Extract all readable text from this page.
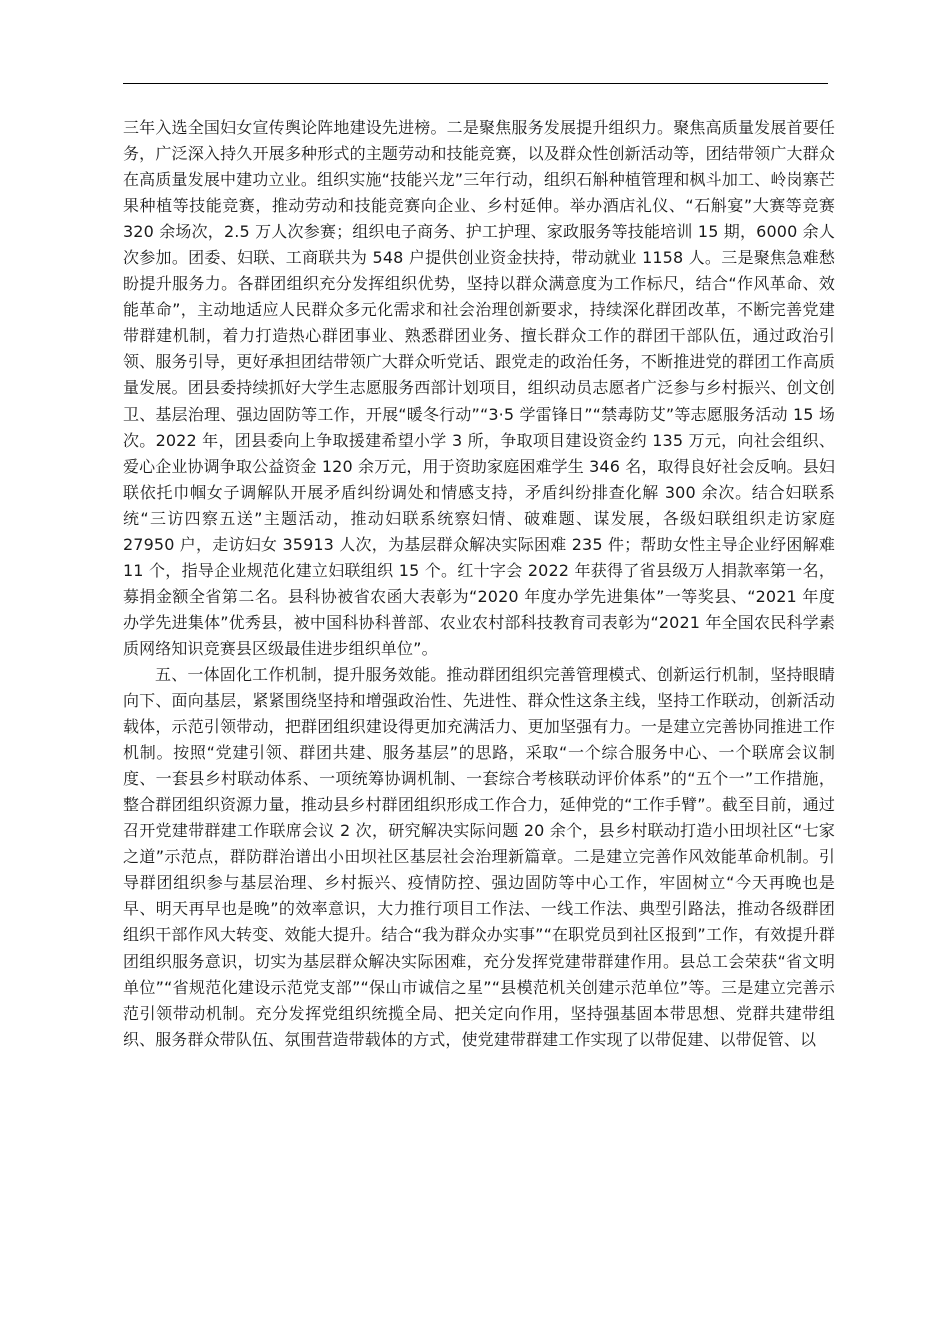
三年入选全国妇女宣传舆论阵地建设先进榜。二是聚焦服务发展提升组织力。聚焦高质量发展首要任务，广泛深入持久开展多种形式的主题劳动和技能竞赛，以及群众性创新活动等，团结带领广大群众在高质量发展中建功立业。组织实施“技能兴龙”三年行动，组织石斛种植管理和枫斗加工、岭岗寨芒果种植等技能竞赛，推动劳动和技能竞赛向企业、乡村延伸。举办酒店礼仪、“石斛宴”大赛等竞赛 320 余场次，2.5 万人次参赛；组织电子商务、护工护理、家政服务等技能培训 15 期，6000 余人次参加。团委、妇联、工商联共为 548 户提供创业资金扶持，带动就业 1158 人。三是聚焦急难愁盼提升服务力。各群团组织充分发挥组织优势，坚持以群众满意度为工作标尺，结合“作风革命、效能革命”，主动地适应人民群众多元化需求和社会治理创新要求，持续深化群团改革，不断完善党建带群建机制，着力打造热心群团事业、熟悉群团业务、擅长群众工作的群团干部队伍，通过政治引领、服务引导，更好承担团结带领广大群众听党话、跟党走的政治任务，不断推进党的群团工作高质量发展。团县委持续抓好大学生志愿服务西部计划项目，组织动员志愿者广泛参与乡村振兴、创文创卫、基层治理、强边固防等工作，开展“暖冬行动”“3·5 学雷锋日”“禁毒防艾”等志愿服务活动 15 场次。2022 年，团县委向上争取援建希望小学 3 所，争取项目建设资金约 135 万元，向社会组织、爱心企业协调争取公益资金 120 余万元，用于资助家庭困难学生 346 名，取得良好社会反响。县妇联依托巾帼女子调解队开展矛盾纠纷调处和情感支持，矛盾纠纷排查化解 300 余次。结合妇联系统“三访四察五送”主题活动，推动妇联系统察妇情、破难题、谋发展，各级妇联组织走访家庭 27950 户，走访妇女 35913 人次，为基层群众解决实际困难 235 件；帮助女性主导企业纾困解难 11 个，指导企业规范化建立妇联组织 15 个。红十字会 2022 年获得了省县级万人捐款率第一名，募捐金额全省第二名。县科协被省农函大表彰为“2020 年度办学先进集体”一等奖县、“2021 年度办学先进集体”优秀县，被中国科协科普部、农业农村部科技教育司表彰为“2021 年全国农民科学素质网络知识竞赛县区级最佳进步组织单位”。

五、一体固化工作机制，提升服务效能。推动群团组织完善管理模式、创新运行机制，坚持眼睛向下、面向基层，紧紧围绕坚持和增强政治性、先进性、群众性这条主线，坚持工作联动，创新活动载体，示范引领带动，把群团组织建设得更加充满活力、更加坚强有力。一是建立完善协同推进工作机制。按照“党建引领、群团共建、服务基层”的思路，采取“一个综合服务中心、一个联席会议制度、一套县乡村联动体系、一项统筹协调机制、一套综合考核联动评价体系”的“五个一”工作措施，整合群团组织资源力量，推动县乡村群团组织形成工作合力，延伸党的“工作手臂”。截至目前，通过召开党建带群建工作联席会议 2 次，研究解决实际问题 20 余个，县乡村联动打造小田坝社区“七家之道”示范点，群防群治谱出小田坝社区基层社会治理新篇章。二是建立完善作风效能革命机制。引导群团组织参与基层治理、乡村振兴、疫情防控、强边固防等中心工作，牢固树立“今天再晚也是早、明天再早也是晚”的效率意识，大力推行项目工作法、一线工作法、典型引路法，推动各级群团组织干部作风大转变、效能大提升。结合“我为群众办实事”“在职党员到社区报到”工作，有效提升群团组织服务意识，切实为基层群众解决实际困难，充分发挥党建带群建作用。县总工会荣获“省文明单位”“省规范化建设示范党支部”“保山市诚信之星”“县模范机关创建示范单位”等。三是建立完善示范引领带动机制。充分发挥党组织统揽全局、把关定向作用，坚持强基固本带思想、党群共建带组织、服务群众带队伍、氛围营造带载体的方式，使党建带群建工作实现了以带促建、以带促管、以
